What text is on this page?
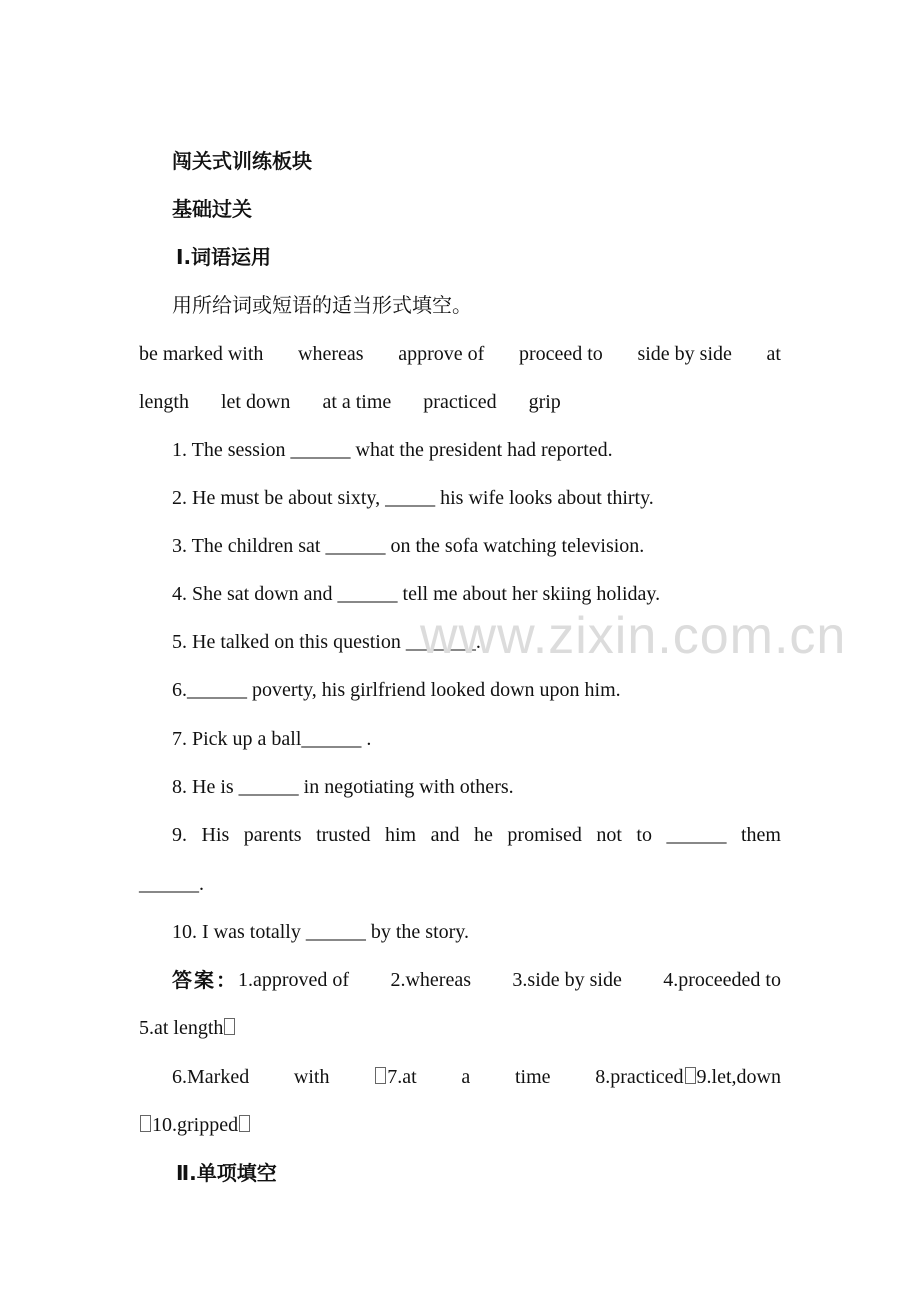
闯关式训练板块
基础过关
Ⅰ.词语运用
用所给词或短语的适当形式填空。
be marked with whereas approve of proceed to side by side at
length let down at a time practiced grip
1. The session ______ what the president had reported.
2. He must be about sixty, _____ his wife looks about thirty.
3. The children sat ______ on the sofa watching television.
4. She sat down and ______ tell me about her skiing holiday.
5. He talked on this question _______.
6.______ poverty, his girlfriend looked down upon him.
7. Pick up a ball______ .
8. He is ______ in negotiating with others.
9. His parents trusted him and he promised not to ______ them
______.
10. I was totally ______ by the story.
答案： 1.approved of 2.whereas 3.side by side 4.proceeded to
5.at length
6.Marked with	7.at a time 8.practiced 9.let,down
10.gripped
Ⅱ.单项填空
www.zixin.com.cn
